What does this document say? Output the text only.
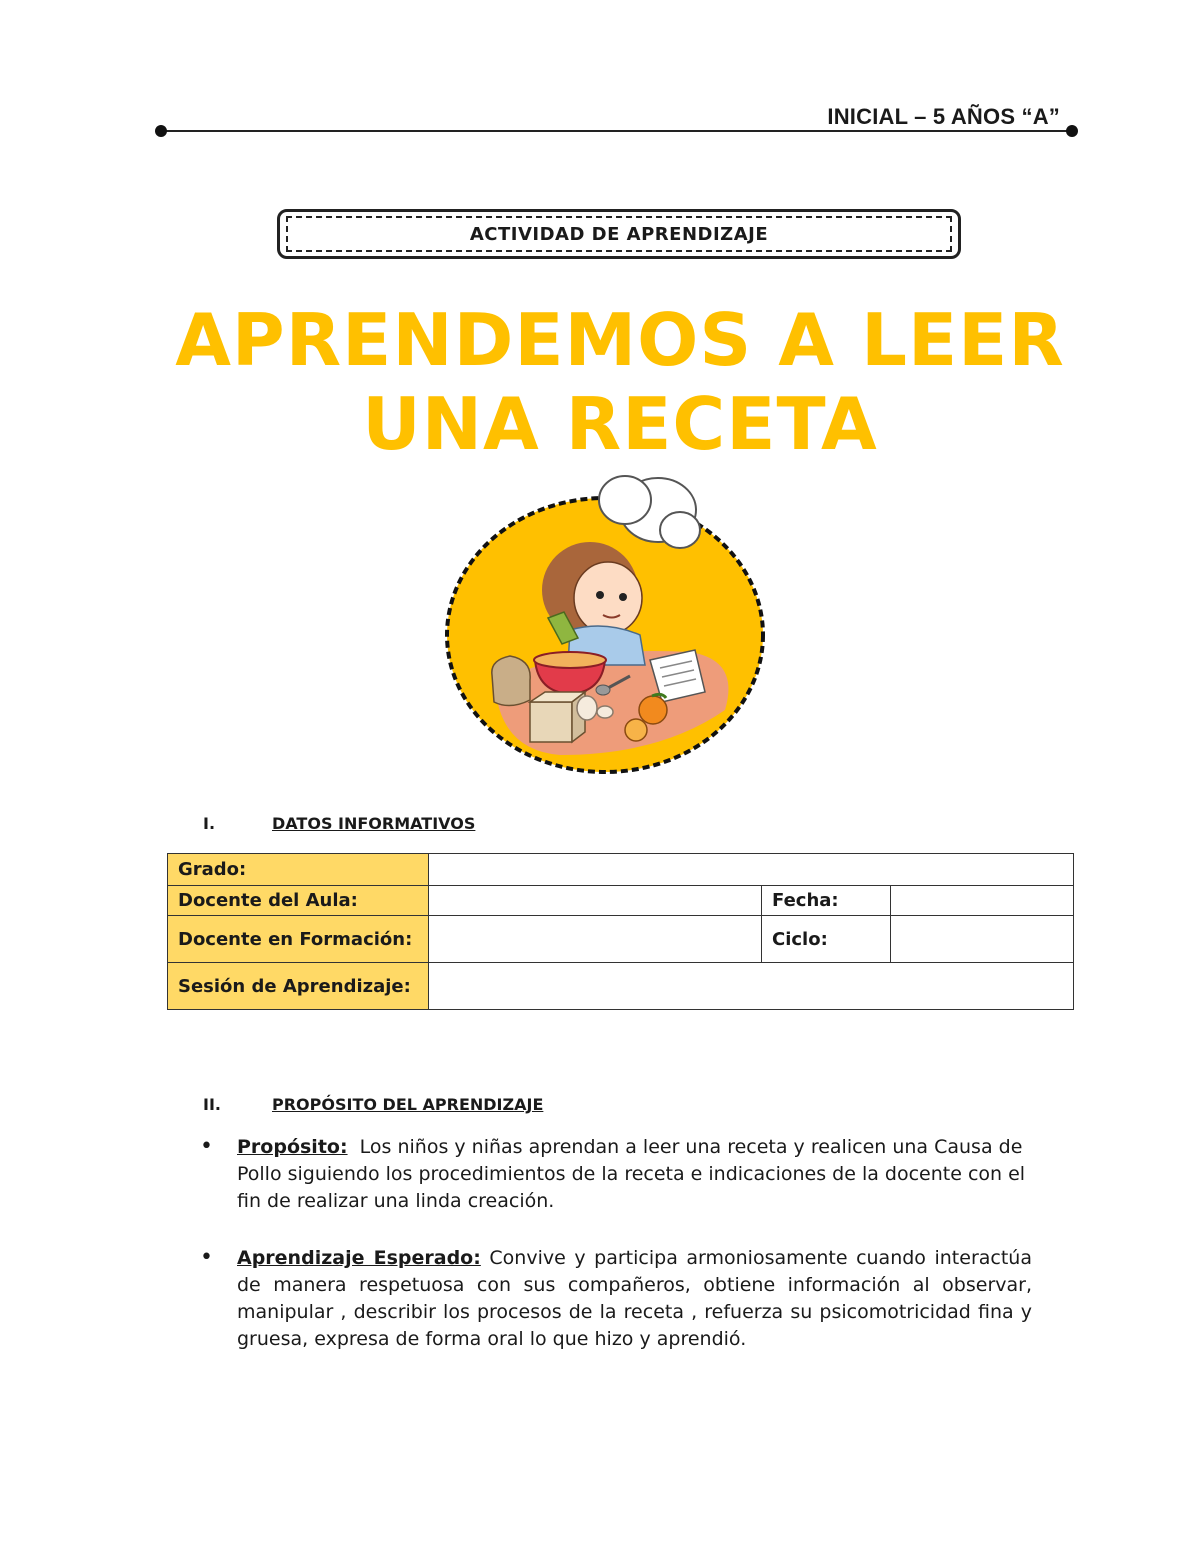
INICIAL – 5 AÑOS “A”
ACTIVIDAD DE APRENDIZAJE
APRENDEMOS A LEER
UNA RECETA
I.	DATOS INFORMATIVOS
Grado:			
Docente del Aula:		Fecha:	
Docente en Formación:		Ciclo:	
Sesión de Aprendizaje:			
II.	PROPÓSITO DEL APRENDIZAJE
• Propósito: Los niños y niñas aprendan a leer una receta y realicen una Causa de Pollo siguiendo los procedimientos de la receta e indicaciones de la docente con el fin de realizar una linda creación.
• Aprendizaje Esperado: Convive y participa armoniosamente cuando interactúa de manera respetuosa con sus compañeros, obtiene información al observar, manipular , describir los procesos de la receta , refuerza su psicomotricidad fina y gruesa, expresa de forma oral lo que hizo y aprendió.
